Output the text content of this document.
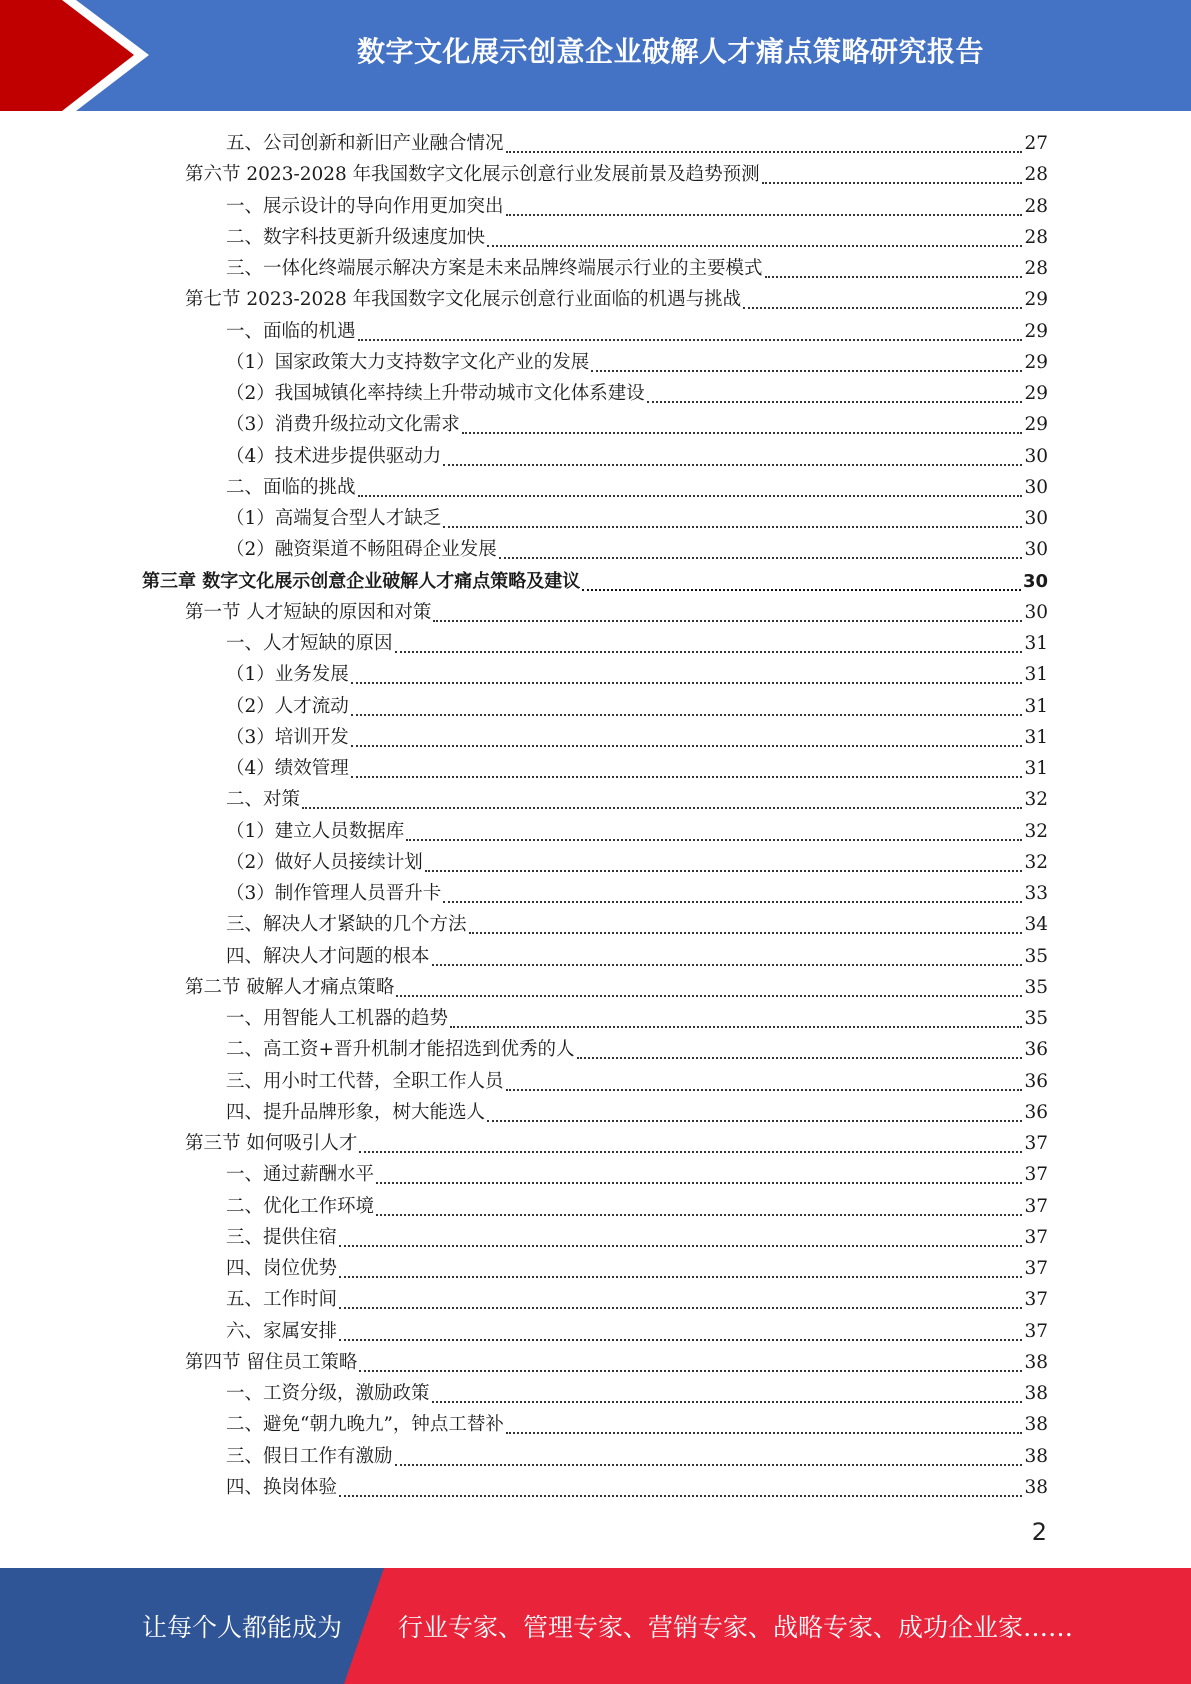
数字文化展示创意企业破解人才痛点策略研究报告
五、公司创新和新旧产业融合情况	27
第六节 2023-2028 年我国数字文化展示创意行业发展前景及趋势预测	28
一、展示设计的导向作用更加突出	28
二、数字科技更新升级速度加快	28
三、一体化终端展示解决方案是未来品牌终端展示行业的主要模式	28
第七节 2023-2028 年我国数字文化展示创意行业面临的机遇与挑战	29
一、面临的机遇	29
（1）国家政策大力支持数字文化产业的发展	29
（2）我国城镇化率持续上升带动城市文化体系建设	29
（3）消费升级拉动文化需求	29
（4）技术进步提供驱动力	30
二、面临的挑战	30
（1）高端复合型人才缺乏	30
（2）融资渠道不畅阻碍企业发展	30
第三章 数字文化展示创意企业破解人才痛点策略及建议	30
第一节 人才短缺的原因和对策	30
一、人才短缺的原因	31
（1）业务发展	31
（2）人才流动	31
（3）培训开发	31
（4）绩效管理	31
二、对策	32
（1）建立人员数据库	32
（2）做好人员接续计划	32
（3）制作管理人员晋升卡	33
三、解决人才紧缺的几个方法	34
四、解决人才问题的根本	35
第二节 破解人才痛点策略	35
一、用智能人工机器的趋势	35
二、高工资+晋升机制才能招选到优秀的人	36
三、用小时工代替，全职工作人员	36
四、提升品牌形象，树大能选人	36
第三节 如何吸引人才	37
一、通过薪酬水平	37
二、优化工作环境	37
三、提供住宿	37
四、岗位优势	37
五、工作时间	37
六、家属安排	37
第四节 留住员工策略	38
一、工资分级，激励政策	38
二、避免“朝九晚九”，钟点工替补	38
三、假日工作有激励	38
四、换岗体验	38
2
让每个人都能成为 行业专家、管理专家、营销专家、战略专家、成功企业家……
